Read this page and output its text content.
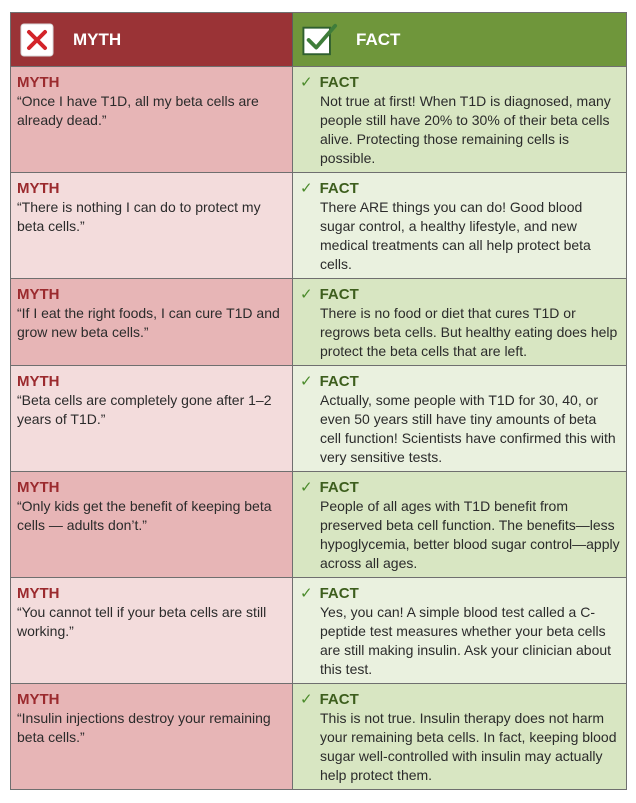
MYTH	FACT
MYTH
“Once I have T1D, all my beta cells are already dead.”
✓ FACT
Not true at first! When T1D is diagnosed, many people still have 20% to 30% of their beta cells alive. Protecting those remaining cells is possible.
MYTH
“There is nothing I can do to protect my beta cells.”
✓ FACT
There ARE things you can do! Good blood sugar control, a healthy lifestyle, and new medical treatments can all help protect beta cells.
MYTH
“If I eat the right foods, I can cure T1D and grow new beta cells.”
✓ FACT
There is no food or diet that cures T1D or regrows beta cells. But healthy eating does help protect the beta cells that are left.
MYTH
“Beta cells are completely gone after 1–2 years of T1D.”
✓ FACT
Actually, some people with T1D for 30, 40, or even 50 years still have tiny amounts of beta cell function! Scientists have confirmed this with very sensitive tests.
MYTH
“Only kids get the benefit of keeping beta cells — adults don’t.”
✓ FACT
People of all ages with T1D benefit from preserved beta cell function. The benefits—less hypoglycemia, better blood sugar control—apply across all ages.
MYTH
“You cannot tell if your beta cells are still working.”
✓ FACT
Yes, you can! A simple blood test called a C-peptide test measures whether your beta cells are still making insulin. Ask your clinician about this test.
MYTH
“Insulin injections destroy your remaining beta cells.”
✓ FACT
This is not true. Insulin therapy does not harm your remaining beta cells. In fact, keeping blood sugar well-controlled with insulin may actually help protect them.
